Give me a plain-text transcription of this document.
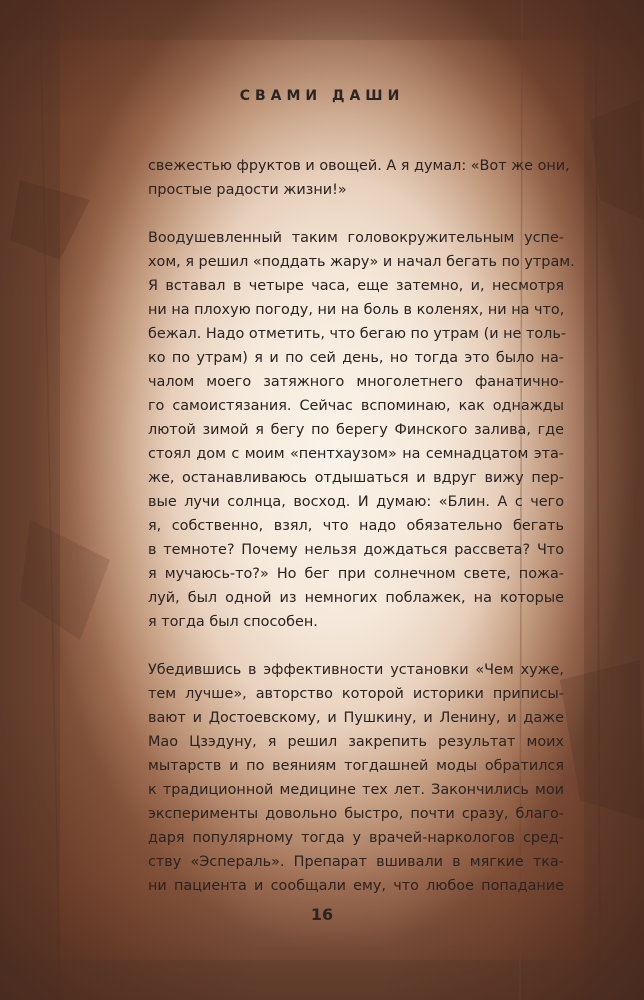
СВАМИ ДАШИ
свежестью фруктов и овощей. А я думал: «Вот же они,
простые радости жизни!»
Воодушевленный таким головокружительным успе-
хом, я решил «поддать жару» и начал бегать по утрам.
Я вставал в четыре часа, еще затемно, и, несмотря
ни на плохую погоду, ни на боль в коленях, ни на что,
бежал. Надо отметить, что бегаю по утрам (и не толь-
ко по утрам) я и по сей день, но тогда это было на-
чалом моего затяжного многолетнего фанатично-
го самоистязания. Сейчас вспоминаю, как однажды
лютой зимой я бегу по берегу Финского залива, где
стоял дом с моим «пентхаузом» на семнадцатом эта-
же, останавливаюсь отдышаться и вдруг вижу пер-
вые лучи солнца, восход. И думаю: «Блин. А с чего
я, собственно, взял, что надо обязательно бегать
в темноте? Почему нельзя дождаться рассвета? Что
я мучаюсь-то?» Но бег при солнечном свете, пожа-
луй, был одной из немногих поблажек, на которые
я тогда был способен.
Убедившись в эффективности установки «Чем хуже,
тем лучше», авторство которой историки приписы-
вают и Достоевскому, и Пушкину, и Ленину, и даже
Мао Цзэдуну, я решил закрепить результат моих
мытарств и по веяниям тогдашней моды обратился
к традиционной медицине тех лет. Закончились мои
эксперименты довольно быстро, почти сразу, благо-
даря популярному тогда у врачей-наркологов сред-
ству «Эспераль». Препарат вшивали в мягкие тка-
ни пациента и сообщали ему, что любое попадание
16
